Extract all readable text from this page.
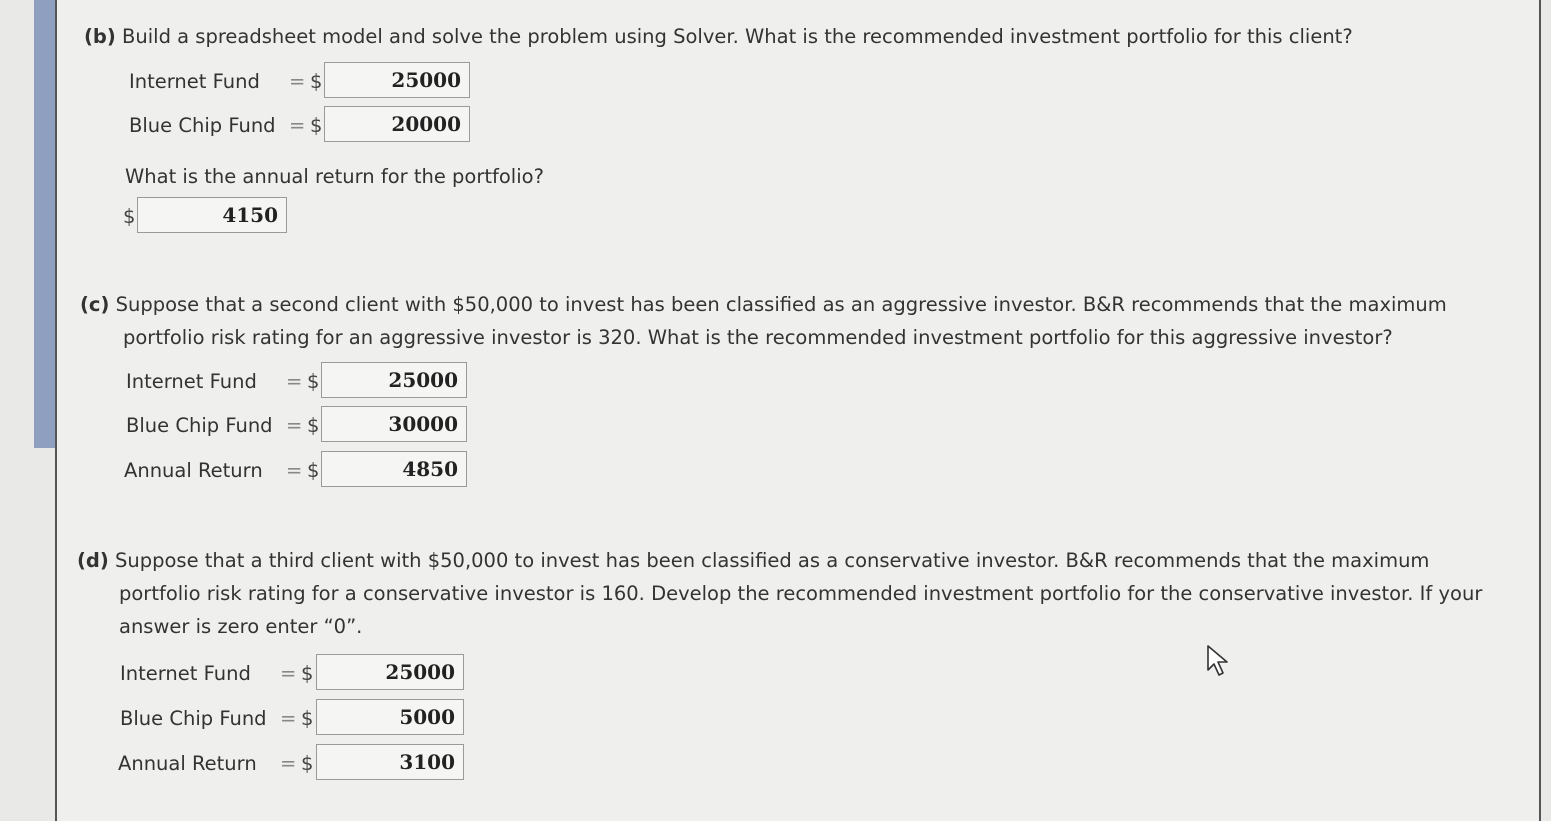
(b) Build a spreadsheet model and solve the problem using Solver. What is the recommended investment portfolio for this client?
Internet Fund = $	25000
Blue Chip Fund = $	20000
What is the annual return for the portfolio?
$	4150
(c) Suppose that a second client with $50,000 to invest has been classified as an aggressive investor. B&R recommends that the maximum
portfolio risk rating for an aggressive investor is 320. What is the recommended investment portfolio for this aggressive investor?
Internet Fund = $	25000
Blue Chip Fund = $	30000
Annual Return = $	4850
(d) Suppose that a third client with $50,000 to invest has been classified as a conservative investor. B&R recommends that the maximum
portfolio risk rating for a conservative investor is 160. Develop the recommended investment portfolio for the conservative investor. If your
answer is zero enter “0”.
Internet Fund = $	25000
Blue Chip Fund = $	5000
Annual Return = $	3100
